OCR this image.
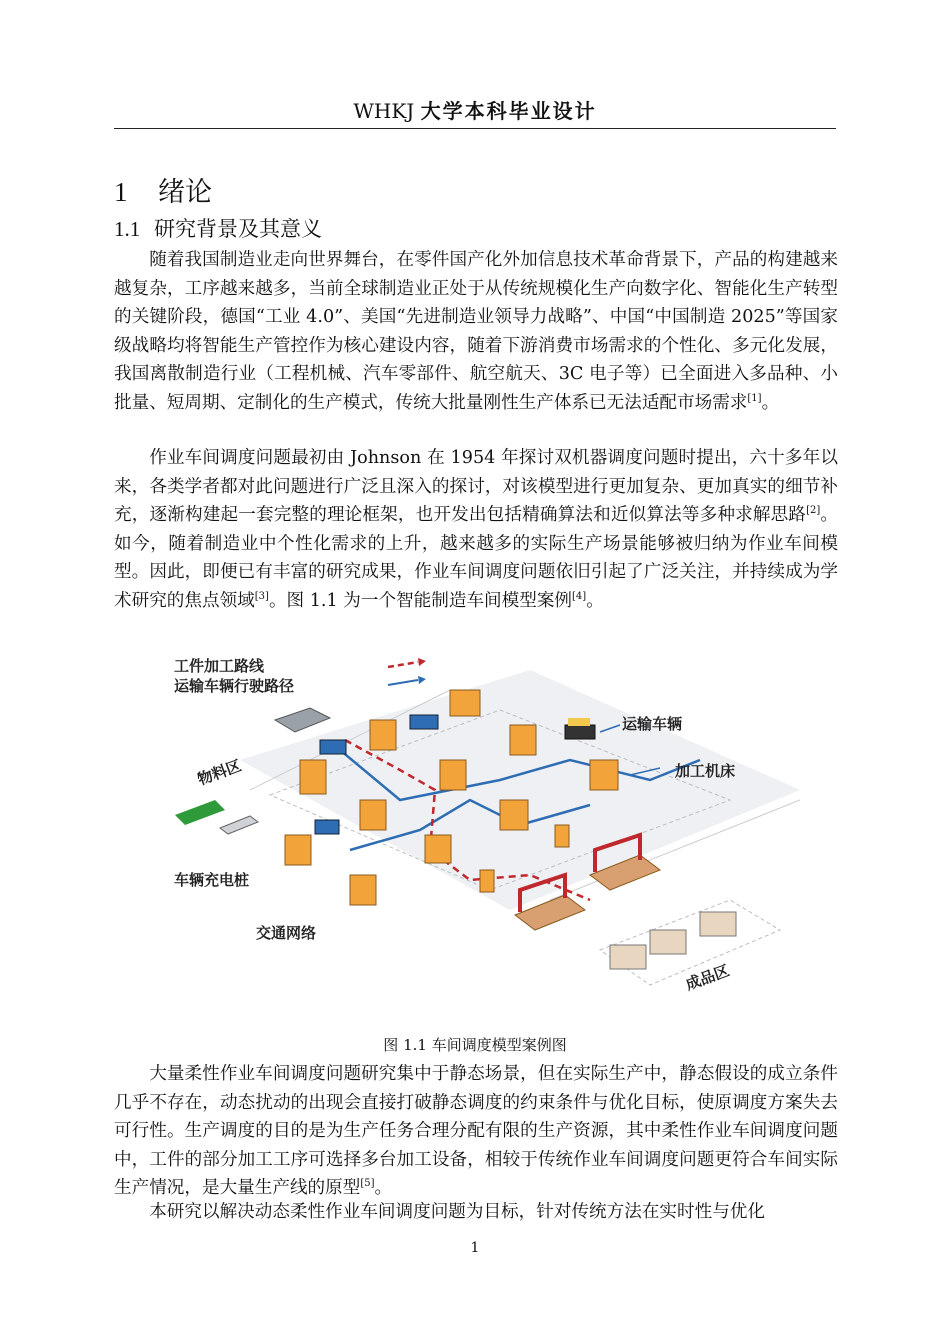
WHKJ 大学本科毕业设计
1 绪论
1.1 研究背景及其意义

随着我国制造业走向世界舞台，在零件国产化外加信息技术革命背景下，产品的构建越来越复杂，工序越来越多，当前全球制造业正处于从传统规模化生产向数字化、智能化生产转型的关键阶段，德国“工业 4.0”、美国“先进制造业领导力战略”、中国“中国制造 2025”等国家级战略均将智能生产管控作为核心建设内容，随着下游消费市场需求的个性化、多元化发展，我国离散制造行业（工程机械、汽车零部件、航空航天、3C 电子等）已全面进入多品种、小批量、短周期、定制化的生产模式，传统大批量刚性生产体系已无法适配市场需求[1]。

作业车间调度问题最初由 Johnson 在 1954 年探讨双机器调度问题时提出，六十多年以来，各类学者都对此问题进行广泛且深入的探讨，对该模型进行更加复杂、更加真实的细节补充，逐渐构建起一套完整的理论框架，也开发出包括精确算法和近似算法等多种求解思路[2]。如今，随着制造业中个性化需求的上升，越来越多的实际生产场景能够被归纳为作业车间模型。因此，即便已有丰富的研究成果，作业车间调度问题依旧引起了广泛关注，并持续成为学术研究的焦点领域[3]。图 1.1 为一个智能制造车间模型案例[4]。

工件加工路线
运输车辆行驶路径
运输车辆
加工机床
物料区
车辆充电桩
交通网络
成品区
图 1.1 车间调度模型案例图

大量柔性作业车间调度问题研究集中于静态场景，但在实际生产中，静态假设的成立条件几乎不存在，动态扰动的出现会直接打破静态调度的约束条件与优化目标，使原调度方案失去可行性。生产调度的目的是为生产任务合理分配有限的生产资源，其中柔性作业车间调度问题中，工件的部分加工工序可选择多台加工设备，相较于传统作业车间调度问题更符合车间实际生产情况，是大量生产线的原型[5]。

本研究以解决动态柔性作业车间调度问题为目标，针对传统方法在实时性与优化

1
